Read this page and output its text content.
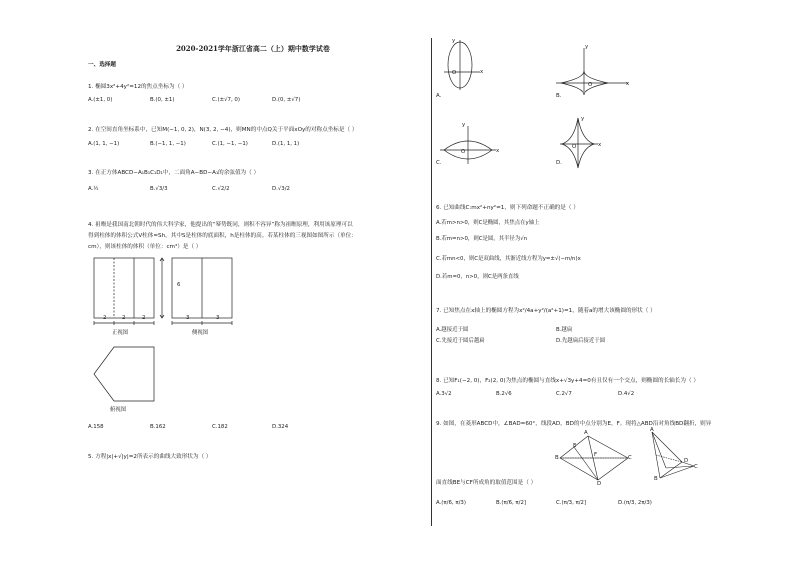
2020-2021学年浙江省高二（上）期中数学试卷
一、选择题
1. 椭圆3x²+4y²=12的焦点坐标为（ ）
A.(±1, 0)	B.(0, ±1)	C.(±√7, 0)	D.(0, ±√7)
2. 在空间直角坐标系中，已知M(−1, 0, 2)，N(3, 2, −4)，则MN的中点Q关于平面xOy的对称点坐标是（ ）
A.(1, 1, −1)	B.(−1, 1, −1)	C.(1, −1, −1)	D.(1, 1, 1)
3. 在正方体ABCD−A₁B₁C₁D₁中，二面角A−BD−A₁的余弦值为（ ）
A.½	B.√3/3	C.√2/2	D.√3/2
4. 祖暅是我国南北朝时代的伟大科学家，他提出的“幂势既同，则积不容异”称为祖暅原理，利用该原理可以
得到柱体的体积公式V柱体=Sh，其中S是柱体的底面积，h是柱体的高。若某柱体的三视图如图所示（单位：
cm），则该柱体的体积（单位：cm³）是（ ）
2	2	2
6
3	3
正视图	侧视图
俯视图
A.158	B.162	C.182	D.324
5. 方程|x|+√|y|=2所表示的曲线大致形状为（ ）
y
x
O
A.
y
x
O
B.
y
x
O
C.
y
x
O
D.
6. 已知曲线C:mx²+ny²=1，则下列命题不正确的是（ ）
A.若m>n>0，则C是椭圆，其焦点在y轴上
B.若m=n>0，则C是圆，其半径为√n
C.若mn<0，则C是双曲线，其渐近线方程为y=±√(−m/n)x
D.若m=0，n>0，则C是两条直线
7. 已知焦点在x轴上的椭圆方程为x²/4a+y²/(a²+1)=1，随着a的增大该椭圆的形状（ ）
A.越接近于圆	B.越扁
C.先接近于圆后越扁	D.先越扁后接近于圆
8. 已知F₁(−2, 0)，F₂(2, 0)为焦点的椭圆与直线x+√3y+4=0有且仅有一个交点，则椭圆的长轴长为（ ）
A.3√2	B.2√6	C.2√7	D.4√2
9. 如图，在菱形ABCD中，∠BAD=60°，线段AD，BD的中点分别为E，F。现将△ABD沿对角线BD翻折，则异
面直线BE与CF所成角的取值范围是（ ）
A
B	C
D
E
F
A
B
C
D
A.(π/6, π/3)	B.(π/6, π/2]	C.(π/3, π/2]	D.(π/3, 2π/3)
